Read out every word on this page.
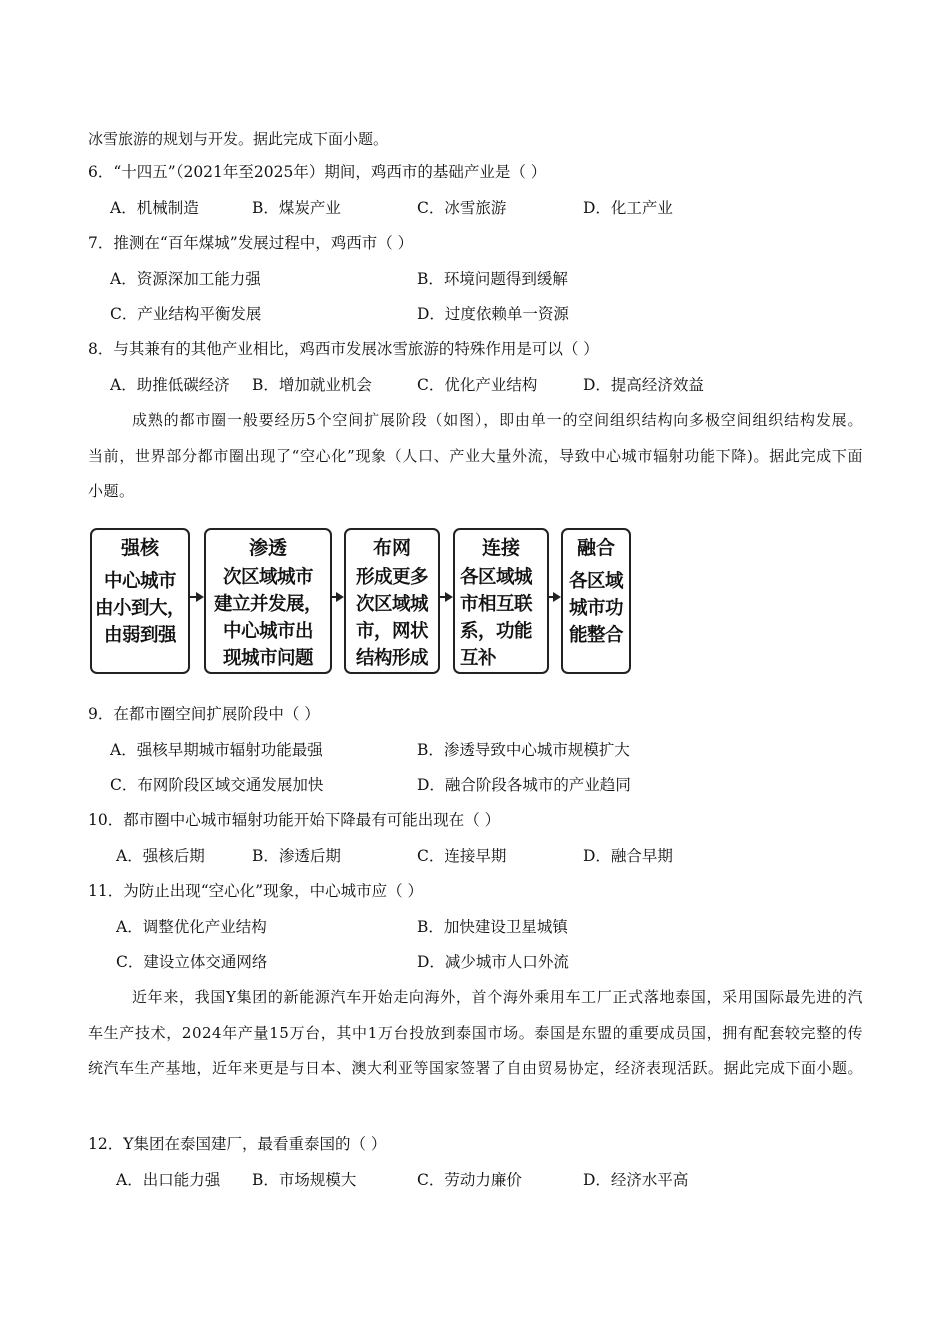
冰雪旅游的规划与开发。据此完成下面小题。
6．“十四五”（2021年至2025年）期间，鸡西市的基础产业是（ ）
A．机械制造	B．煤炭产业	C．冰雪旅游	D．化工产业
7．推测在“百年煤城”发展过程中，鸡西市（ ）
A．资源深加工能力强	B．环境问题得到缓解
C．产业结构平衡发展	D．过度依赖单一资源
8．与其兼有的其他产业相比，鸡西市发展冰雪旅游的特殊作用是可以（ ）
A．助推低碳经济 B．增加就业机会	C．优化产业结构	D．提高经济效益
成熟的都市圈一般要经历5个空间扩展阶段（如图），即由单一的空间组织结构向多极空间组织结构发展。当前，世界部分都市圈出现了“空心化”现象（人口、产业大量外流，导致中心城市辐射功能下降)。据此完成下面小题。
强核
中心城市
由小到大，
由弱到强
渗透
次区域城市
建立并发展，
中心城市出
现城市问题
布网
形成更多
次区域城
市，网状
结构形成
连接
各区域城
市相互联
系，功能
互补
融合
各区域
城市功
能整合
9．在都市圈空间扩展阶段中（ ）
A．强核早期城市辐射功能最强	B．渗透导致中心城市规模扩大
C．布网阶段区域交通发展加快	D．融合阶段各城市的产业趋同
10．都市圈中心城市辐射功能开始下降最有可能出现在（ ）
A．强核后期	B．渗透后期	C．连接早期	D．融合早期
11．为防止出现“空心化”现象，中心城市应（ ）
A．调整优化产业结构	B．加快建设卫星城镇
C．建设立体交通网络	D．减少城市人口外流
近年来，我国Y集团的新能源汽车开始走向海外，首个海外乘用车工厂正式落地泰国，采用国际最先进的汽车生产技术，2024年产量15万台，其中1万台投放到泰国市场。泰国是东盟的重要成员国，拥有配套较完整的传统汽车生产基地，近年来更是与日本、澳大利亚等国家签署了自由贸易协定，经济表现活跃。据此完成下面小题。
12．Y集团在泰国建厂，最看重泰国的（ ）
A．出口能力强 B．市场规模大	C．劳动力廉价	D．经济水平高
